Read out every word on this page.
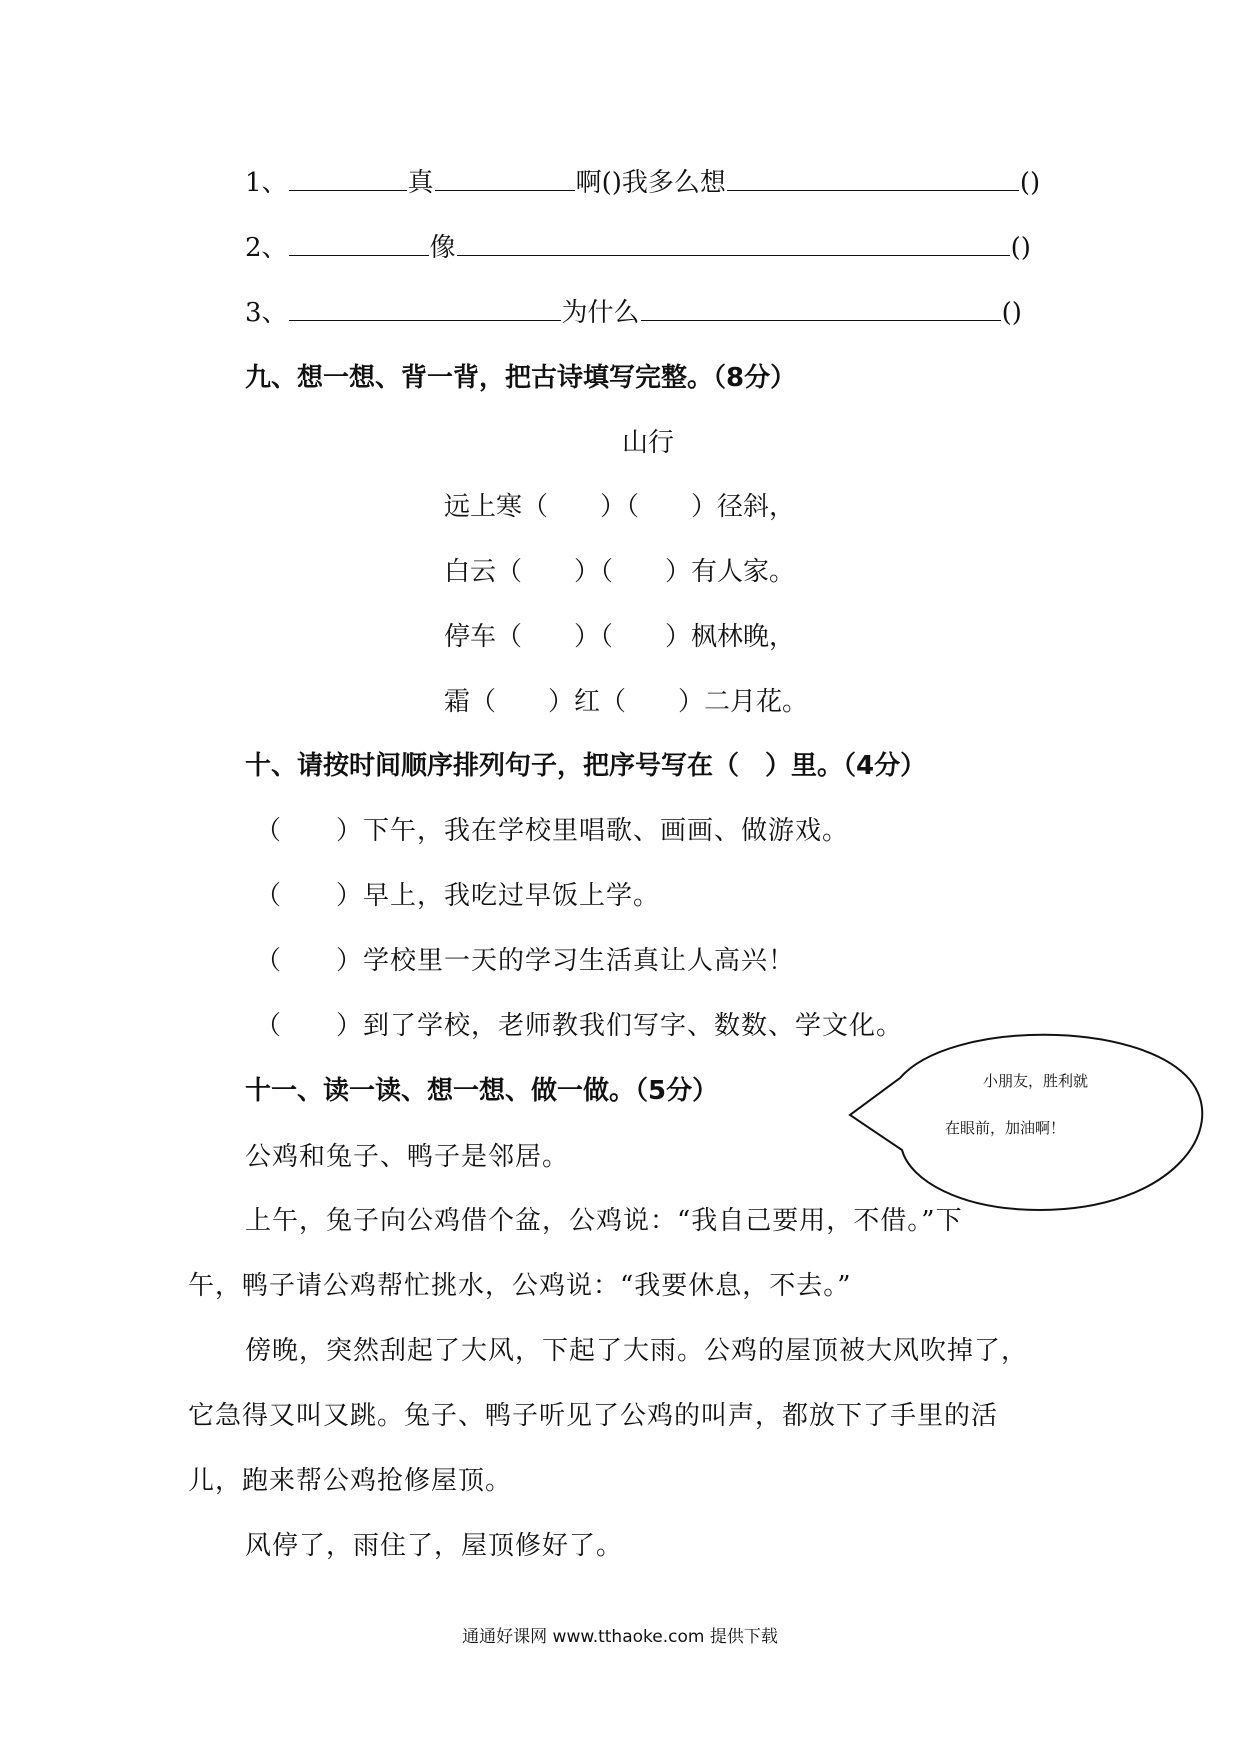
1、	真	啊 () 我多么想	()
2、	像	()
3、	为什么	()
九、想一想、背一背，把古诗填写完整。（8分）
山行
远上寒（　　）（　　）径斜，
白云（　　）（　　）有人家。
停车（　　）（　　）枫林晚，
霜（　　）红（　　）二月花。
十、请按时间顺序排列句子，把序号写在（　）里。（4分）
（　　）下午，我在学校里唱歌、画画、做游戏。
（　　）早上，我吃过早饭上学。
（　　）学校里一天的学习生活真让人高兴！
（　　）到了学校，老师教我们写字、数数、学文化。
十一、读一读、想一想、做一做。（5分）
公鸡和兔子、鸭子是邻居。
上午，兔子向公鸡借个盆，公鸡说：“我自己要用，不借。”下
午，鸭子请公鸡帮忙挑水，公鸡说：“我要休息，不去。”
傍晚，突然刮起了大风，下起了大雨。公鸡的屋顶被大风吹掉了，
它急得又叫又跳。兔子、鸭子听见了公鸡的叫声，都放下了手里的活
儿，跑来帮公鸡抢修屋顶。
风停了，雨住了，屋顶修好了。
小朋友，胜利就
在眼前，加油啊！
通通好课网 www.tthaoke.com 提供下载
